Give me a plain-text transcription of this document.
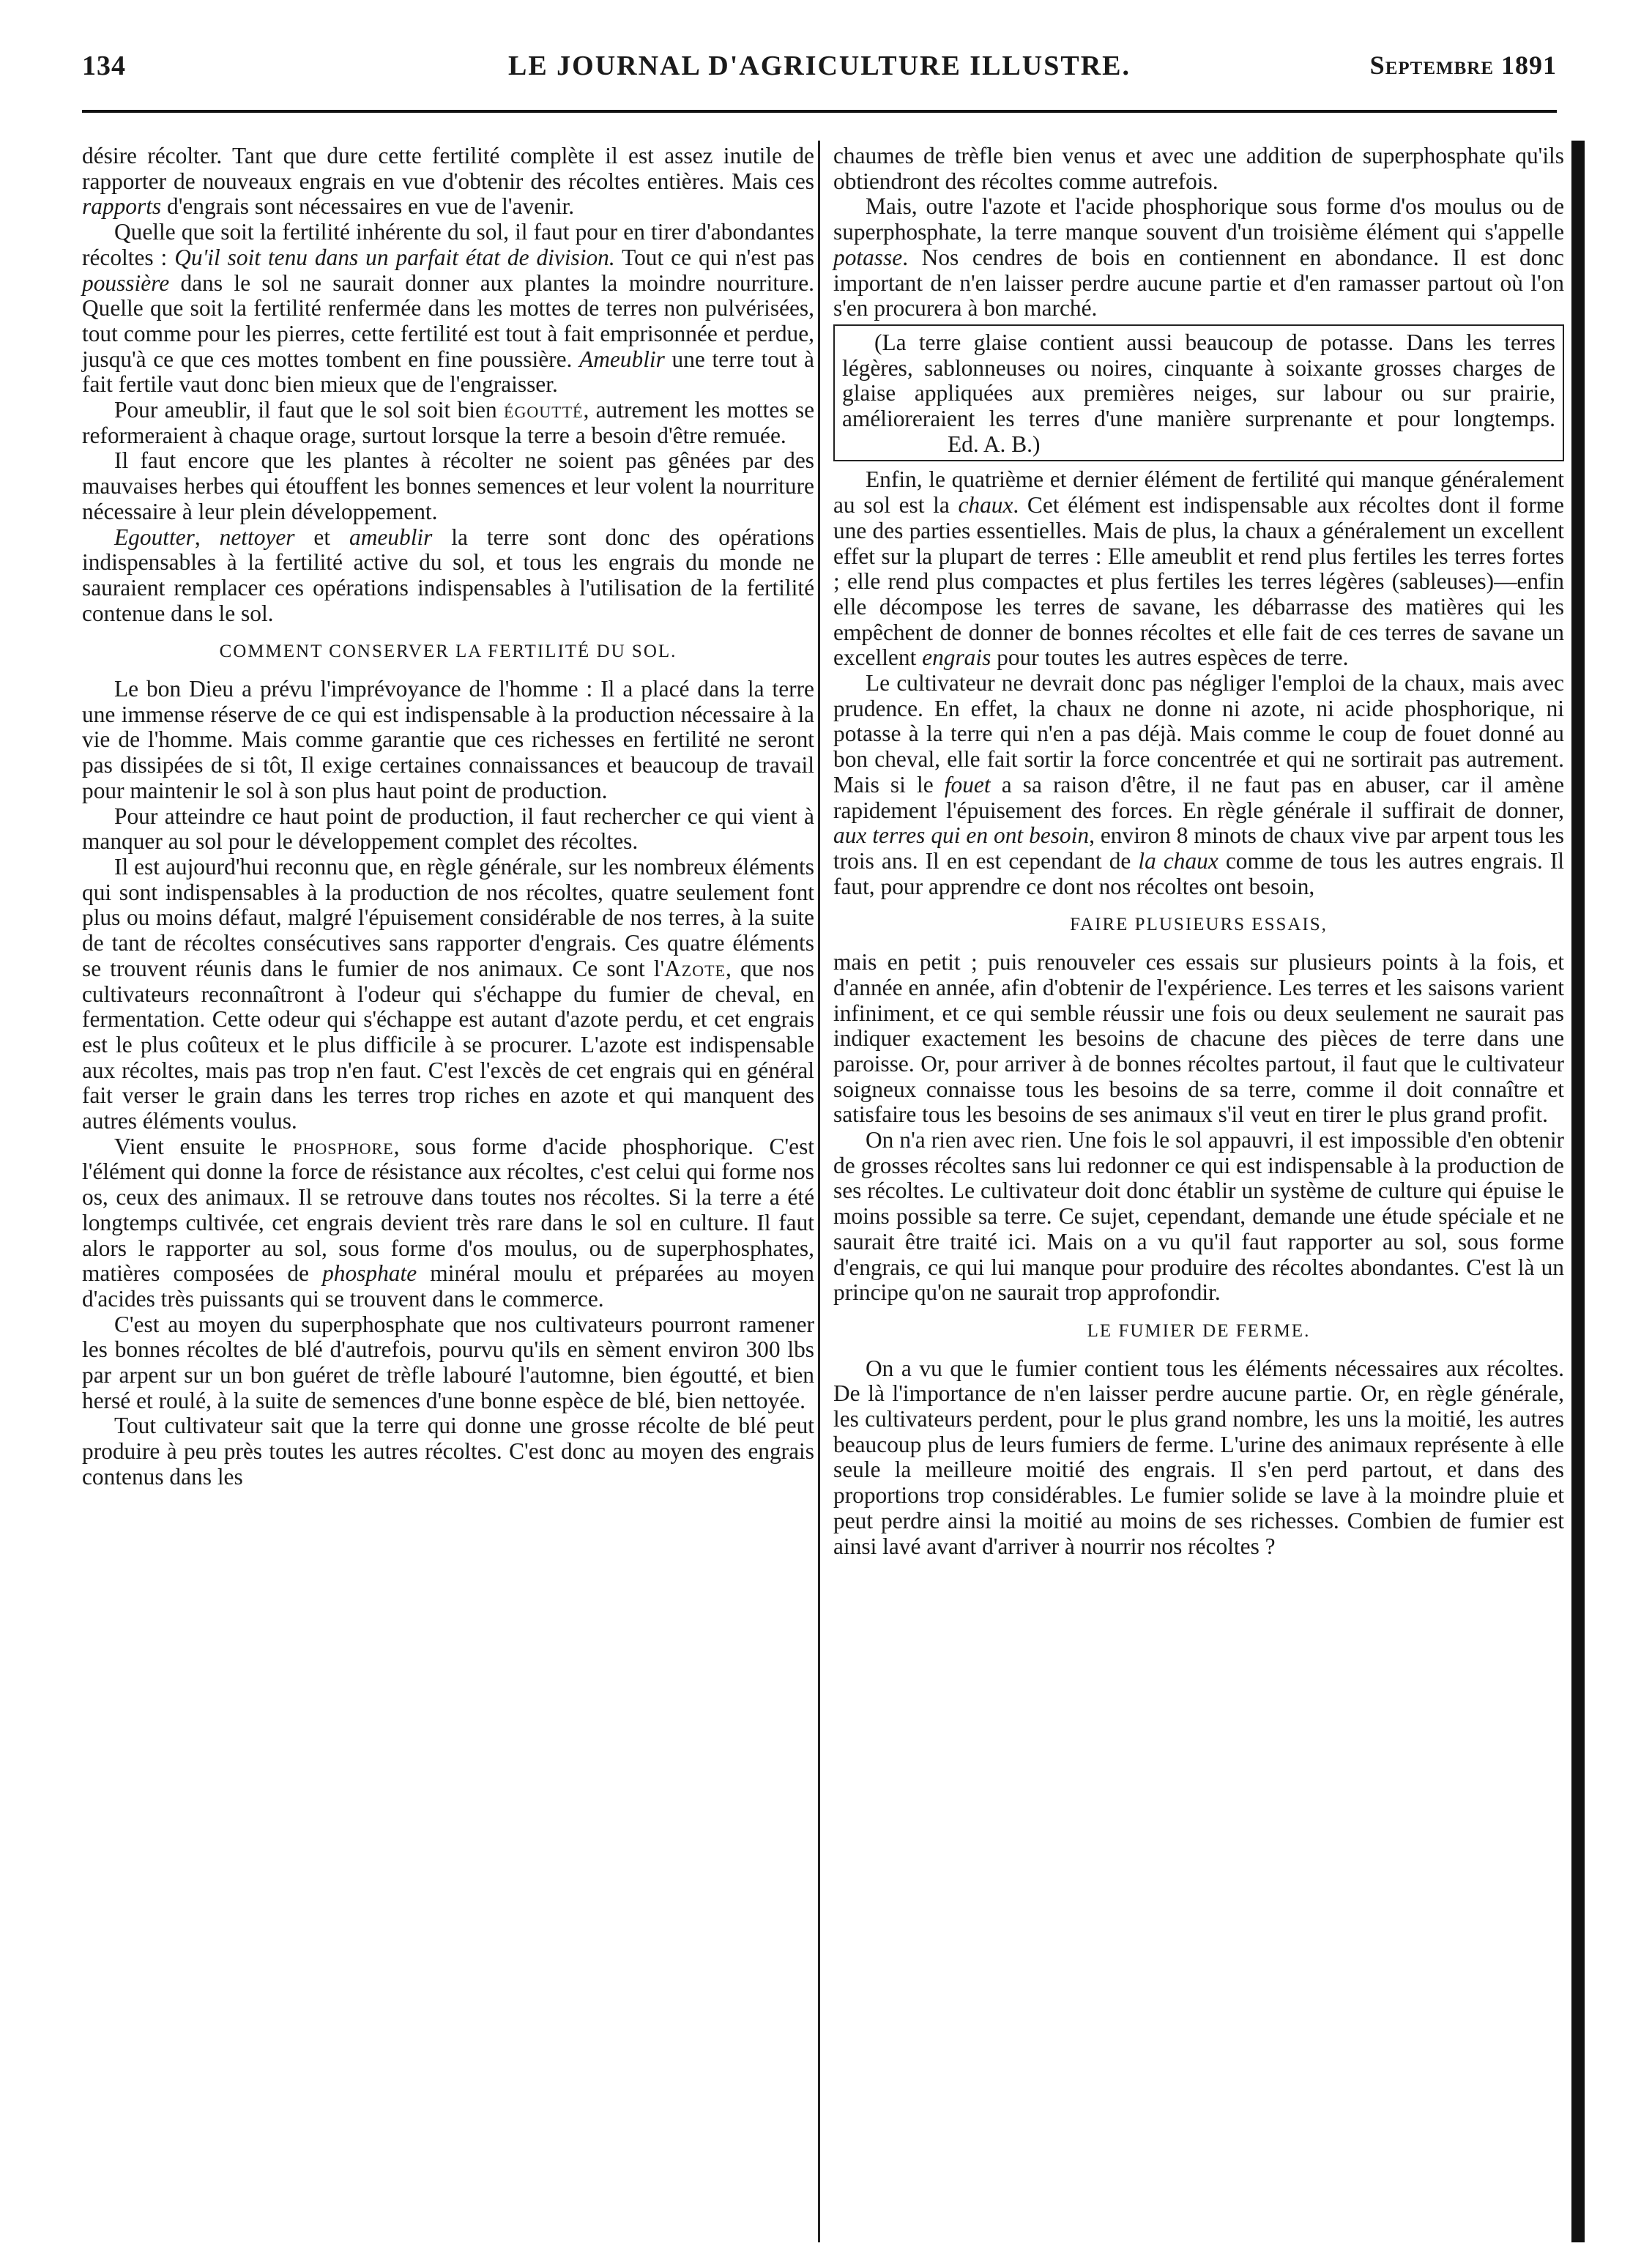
134	LE JOURNAL D'AGRICULTURE ILLUSTRE.	Septembre 1891

désire récolter. Tant que dure cette fertilité complète il est assez inutile de rapporter de nouveaux engrais en vue d'obtenir des récoltes entières. Mais ces rapports d'engrais sont nécessaires en vue de l'avenir.

Quelle que soit la fertilité inhérente du sol, il faut pour en tirer d'abondantes récoltes : Qu'il soit tenu dans un parfait état de division. Tout ce qui n'est pas poussière dans le sol ne saurait donner aux plantes la moindre nourriture. Quelle que soit la fertilité renfermée dans les mottes de terres non pulvérisées, tout comme pour les pierres, cette fertilité est tout à fait emprisonnée et perdue, jusqu'à ce que ces mottes tombent en fine poussière. Ameublir une terre tout à fait fertile vaut donc bien mieux que de l'engraisser.

Pour ameublir, il faut que le sol soit bien égoutté, autrement les mottes se reformeraient à chaque orage, surtout lorsque la terre a besoin d'être remuée.

Il faut encore que les plantes à récolter ne soient pas gênées par des mauvaises herbes qui étouffent les bonnes semences et leur volent la nourriture nécessaire à leur plein développement.

Egoutter, nettoyer et ameublir la terre sont donc des opérations indispensables à la fertilité active du sol, et tous les engrais du monde ne sauraient remplacer ces opérations indispensables à l'utilisation de la fertilité contenue dans le sol.

COMMENT CONSERVER LA FERTILITÉ DU SOL.

Le bon Dieu a prévu l'imprévoyance de l'homme : Il a placé dans la terre une immense réserve de ce qui est indispensable à la production nécessaire à la vie de l'homme. Mais comme garantie que ces richesses en fertilité ne seront pas dissipées de si tôt, Il exige certaines connaissances et beaucoup de travail pour maintenir le sol à son plus haut point de production.

Pour atteindre ce haut point de production, il faut rechercher ce qui vient à manquer au sol pour le développement complet des récoltes.

Il est aujourd'hui reconnu que, en règle générale, sur les nombreux éléments qui sont indispensables à la production de nos récoltes, quatre seulement font plus ou moins défaut, malgré l'épuisement considérable de nos terres, à la suite de tant de récoltes consécutives sans rapporter d'engrais. Ces quatre éléments se trouvent réunis dans le fumier de nos animaux. Ce sont l'Azote, que nos cultivateurs reconnaîtront à l'odeur qui s'échappe du fumier de cheval, en fermentation. Cette odeur qui s'échappe est autant d'azote perdu, et cet engrais est le plus coûteux et le plus difficile à se procurer. L'azote est indispensable aux récoltes, mais pas trop n'en faut. C'est l'excès de cet engrais qui en général fait verser le grain dans les terres trop riches en azote et qui manquent des autres éléments voulus.

Vient ensuite le phosphore, sous forme d'acide phosphorique. C'est l'élément qui donne la force de résistance aux récoltes, c'est celui qui forme nos os, ceux des animaux. Il se retrouve dans toutes nos récoltes. Si la terre a été longtemps cultivée, cet engrais devient très rare dans le sol en culture. Il faut alors le rapporter au sol, sous forme d'os moulus, ou de superphosphates, matières composées de phosphate minéral moulu et préparées au moyen d'acides très puissants qui se trouvent dans le commerce.

C'est au moyen du superphosphate que nos cultivateurs pourront ramener les bonnes récoltes de blé d'autrefois, pourvu qu'ils en sèment environ 300 lbs par arpent sur un bon guéret de trèfle labouré l'automne, bien égoutté, et bien hersé et roulé, à la suite de semences d'une bonne espèce de blé, bien nettoyée.

Tout cultivateur sait que la terre qui donne une grosse récolte de blé peut produire à peu près toutes les autres récoltes. C'est donc au moyen des engrais contenus dans les

chaumes de trèfle bien venus et avec une addition de superphosphate qu'ils obtiendront des récoltes comme autrefois.

Mais, outre l'azote et l'acide phosphorique sous forme d'os moulus ou de superphosphate, la terre manque souvent d'un troisième élément qui s'appelle potasse. Nos cendres de bois en contiennent en abondance. Il est donc important de n'en laisser perdre aucune partie et d'en ramasser partout où l'on s'en procurera à bon marché.

(La terre glaise contient aussi beaucoup de potasse. Dans les terres légères, sablonneuses ou noires, cinquante à soixante grosses charges de glaise appliquées aux premières neiges, sur labour ou sur prairie, amélioreraient les terres d'une manière surprenante et pour longtemps.Ed. A. B.)

Enfin, le quatrième et dernier élément de fertilité qui manque généralement au sol est la chaux. Cet élément est indispensable aux récoltes dont il forme une des parties essentielles. Mais de plus, la chaux a généralement un excellent effet sur la plupart de terres : Elle ameublit et rend plus fertiles les terres fortes ; elle rend plus compactes et plus fertiles les terres légères (sableuses)—enfin elle décompose les terres de savane, les débarrasse des matières qui les empêchent de donner de bonnes récoltes et elle fait de ces terres de savane un excellent engrais pour toutes les autres espèces de terre.

Le cultivateur ne devrait donc pas négliger l'emploi de la chaux, mais avec prudence. En effet, la chaux ne donne ni azote, ni acide phosphorique, ni potasse à la terre qui n'en a pas déjà. Mais comme le coup de fouet donné au bon cheval, elle fait sortir la force concentrée et qui ne sortirait pas autrement. Mais si le fouet a sa raison d'être, il ne faut pas en abuser, car il amène rapidement l'épuisement des forces. En règle générale il suffirait de donner, aux terres qui en ont besoin, environ 8 minots de chaux vive par arpent tous les trois ans. Il en est cependant de la chaux comme de tous les autres engrais. Il faut, pour apprendre ce dont nos récoltes ont besoin,

FAIRE PLUSIEURS ESSAIS,

mais en petit ; puis renouveler ces essais sur plusieurs points à la fois, et d'année en année, afin d'obtenir de l'expérience. Les terres et les saisons varient infiniment, et ce qui semble réussir une fois ou deux seulement ne saurait pas indiquer exactement les besoins de chacune des pièces de terre dans une paroisse. Or, pour arriver à de bonnes récoltes partout, il faut que le cultivateur soigneux connaisse tous les besoins de sa terre, comme il doit connaître et satisfaire tous les besoins de ses animaux s'il veut en tirer le plus grand profit.

On n'a rien avec rien. Une fois le sol appauvri, il est impossible d'en obtenir de grosses récoltes sans lui redonner ce qui est indispensable à la production de ses récoltes. Le cultivateur doit donc établir un système de culture qui épuise le moins possible sa terre. Ce sujet, cependant, demande une étude spéciale et ne saurait être traité ici. Mais on a vu qu'il faut rapporter au sol, sous forme d'engrais, ce qui lui manque pour produire des récoltes abondantes. C'est là un principe qu'on ne saurait trop approfondir.

LE FUMIER DE FERME.

On a vu que le fumier contient tous les éléments nécessaires aux récoltes. De là l'importance de n'en laisser perdre aucune partie. Or, en règle générale, les cultivateurs perdent, pour le plus grand nombre, les uns la moitié, les autres beaucoup plus de leurs fumiers de ferme. L'urine des animaux représente à elle seule la meilleure moitié des engrais. Il s'en perd partout, et dans des proportions trop considérables. Le fumier solide se lave à la moindre pluie et peut perdre ainsi la moitié au moins de ses richesses. Combien de fumier est ainsi lavé avant d'arriver à nourrir nos récoltes ?
